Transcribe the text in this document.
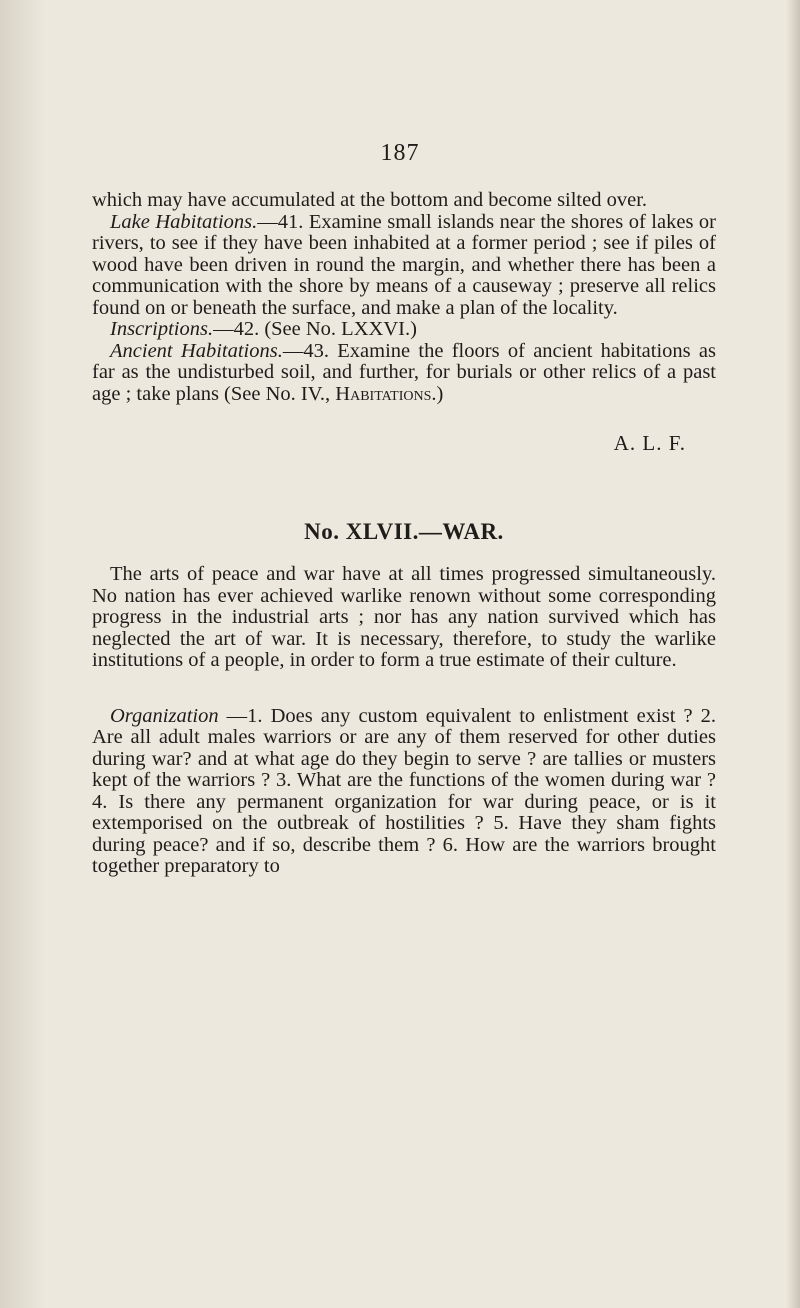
187

which may have accumulated at the bottom and become silted over.

Lake Habitations.—41. Examine small islands near the shores of lakes or rivers, to see if they have been inhabited at a former period ; see if piles of wood have been driven in round the margin, and whether there has been a communication with the shore by means of a causeway ; preserve all relics found on or beneath the surface, and make a plan of the locality.

Inscriptions.—42. (See No. LXXVI.)

Ancient Habitations.—43. Examine the floors of ancient habitations as far as the undisturbed soil, and further, for burials or other relics of a past age ; take plans (See No. IV., Habitations.)

A. L. F.

No. XLVII.—WAR.

The arts of peace and war have at all times progressed simultaneously. No nation has ever achieved warlike renown without some corresponding progress in the industrial arts ; nor has any nation survived which has neglected the art of war. It is necessary, therefore, to study the warlike institutions of a people, in order to form a true estimate of their culture.

Organization —1. Does any custom equivalent to enlistment exist ? 2. Are all adult males warriors or are any of them reserved for other duties during war? and at what age do they begin to serve ? are tallies or musters kept of the warriors ? 3. What are the functions of the women during war ? 4. Is there any permanent organization for war during peace, or is it extemporised on the outbreak of hostilities ? 5. Have they sham fights during peace? and if so, describe them ? 6. How are the warriors brought together preparatory to
